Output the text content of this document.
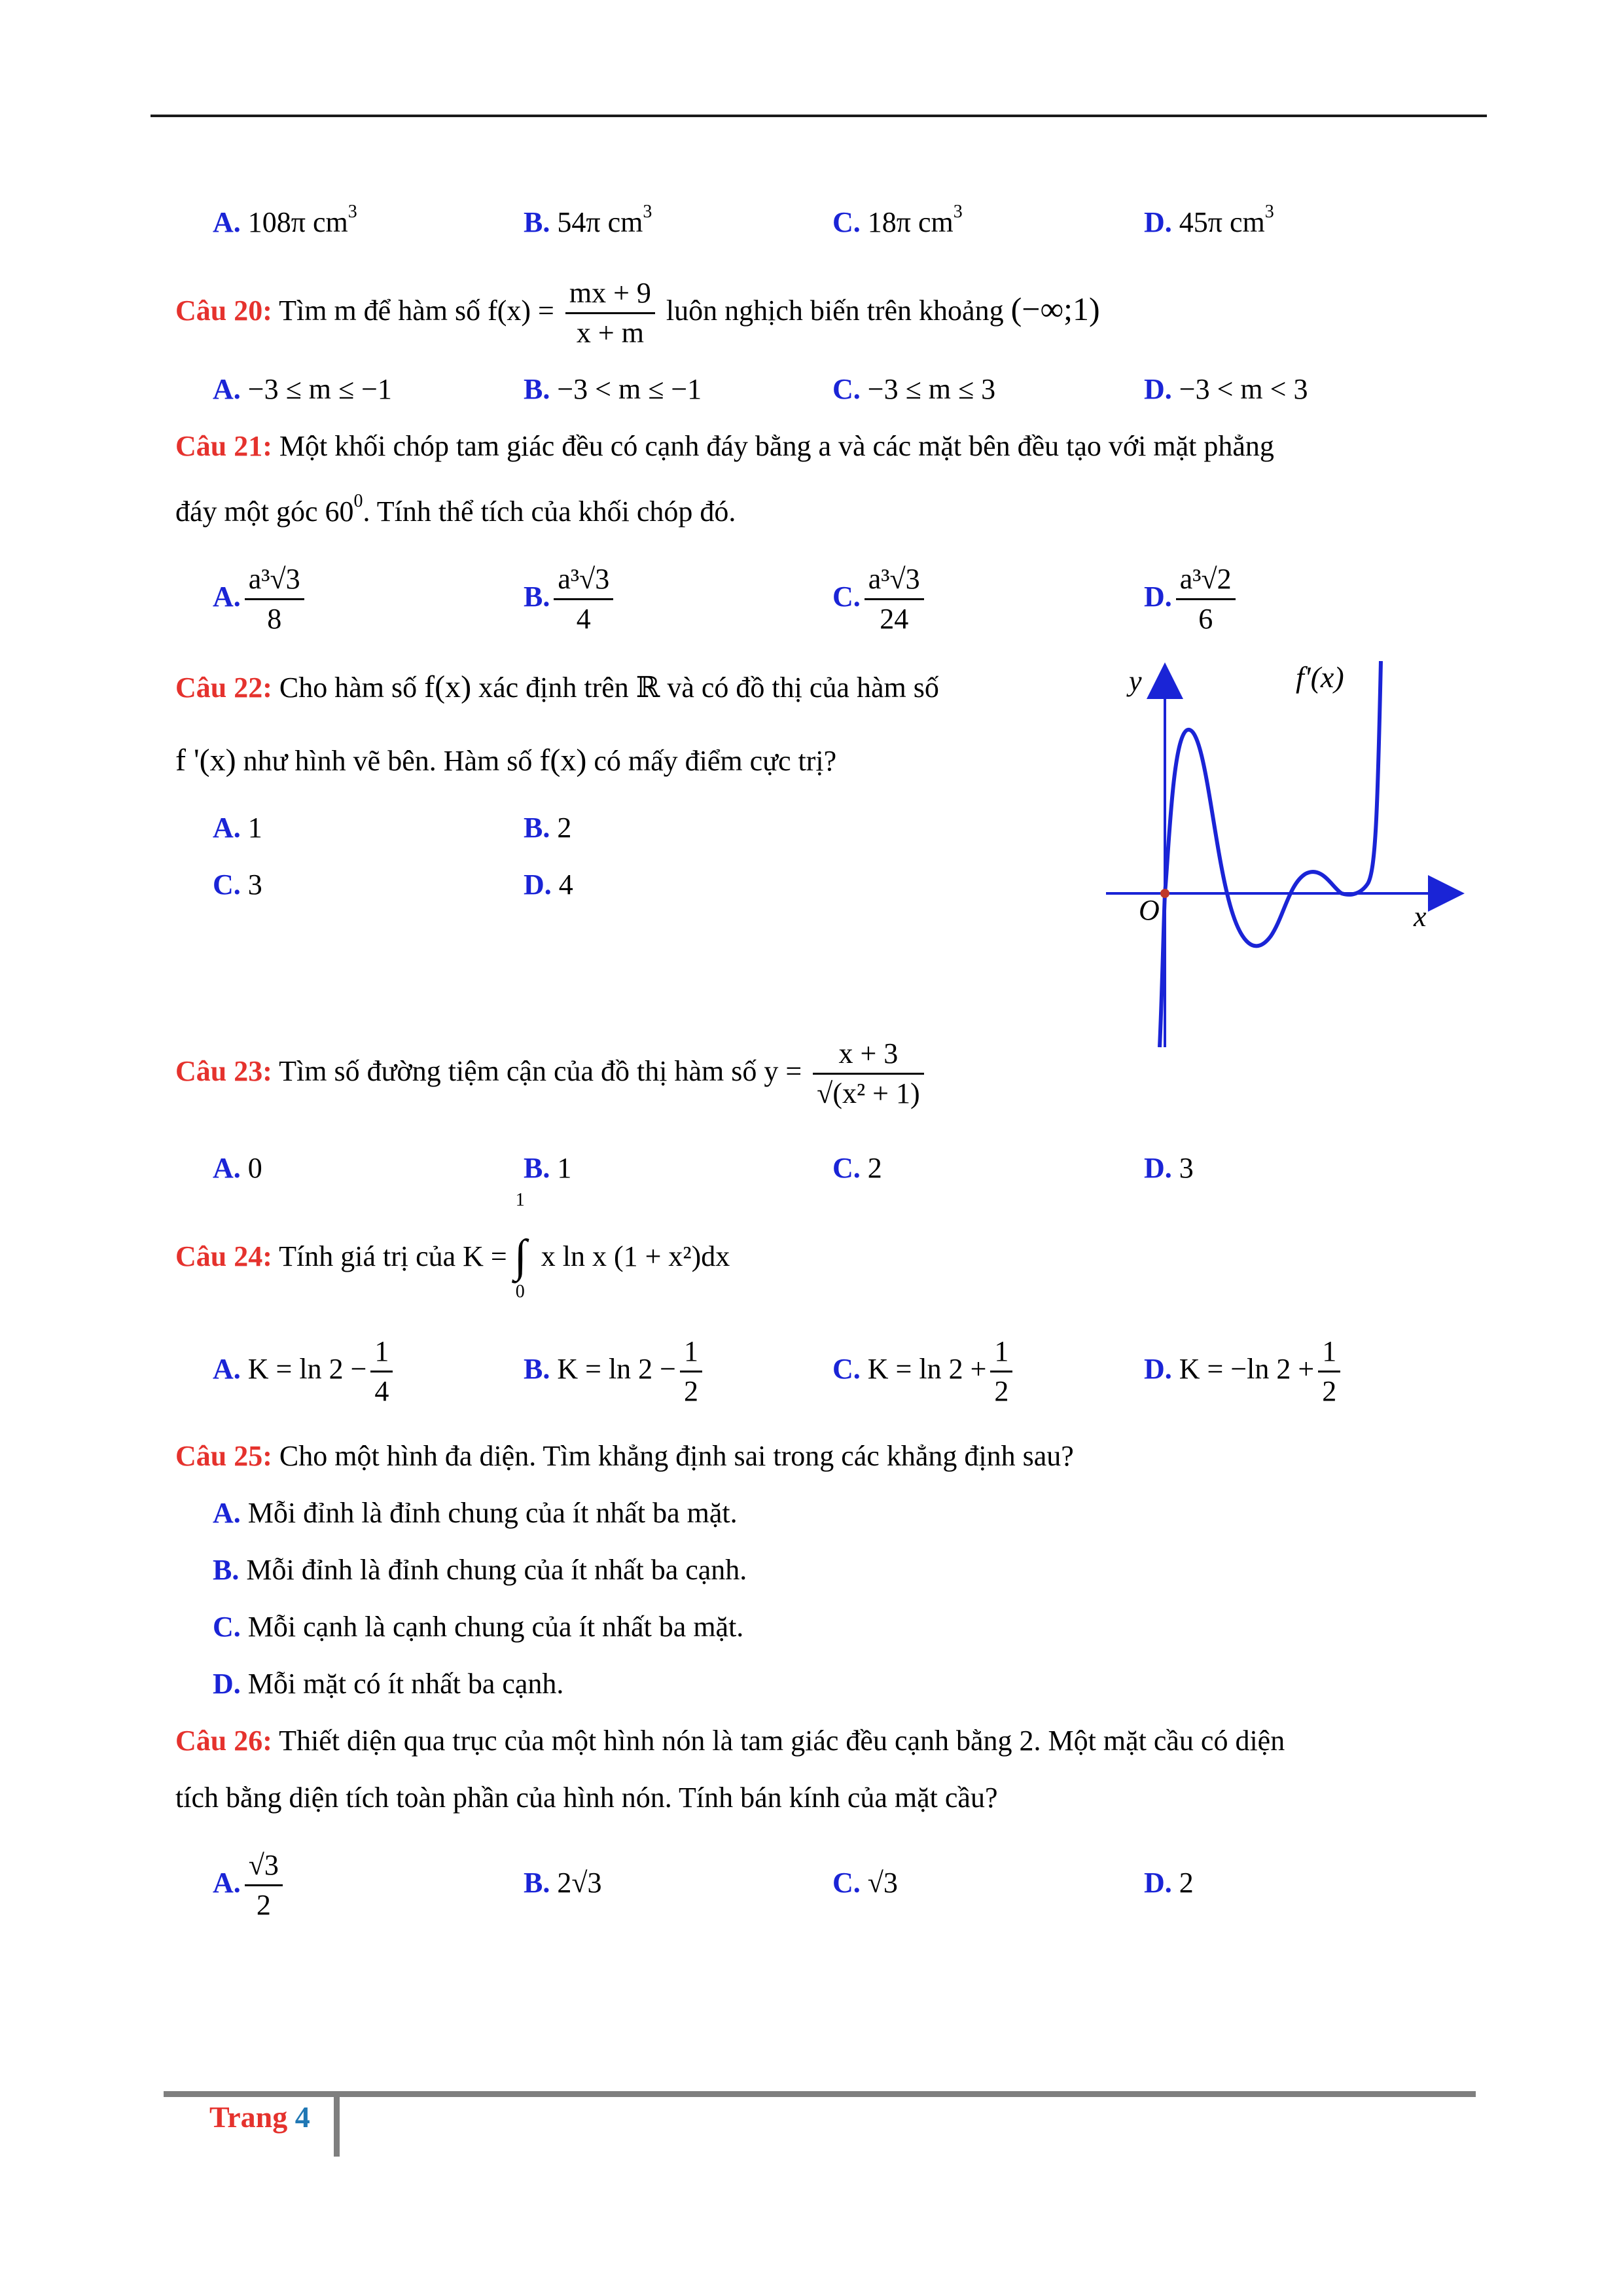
A. 108π $cm^3$	B. 54π $cm^3$	C. 18π $cm^3$	D. 45π $cm^3$
Câu 20: Tìm m để hàm số $f(x) = \frac{mx + 9}{x + m}$ luôn nghịch biến trên khoảng (−∞;1)
A. −3 ≤ m ≤ −1	B. −3 < m ≤ −1	C. −3 ≤ m ≤ 3	D. −3 < m < 3
Câu 21: Một khối chóp tam giác đều có cạnh đáy bằng a và các mặt bên đều tạo với mặt phẳng
đáy một góc $60^0$. Tính thể tích của khối chóp đó.
A. $\frac{\text{a³√3}}{8}$	B. $\frac{\text{a³√3}}{4}$	C. $\frac{\text{a³√3}}{24}$	D. $\frac{\text{a³√2}}{6}$
Câu 22: Cho hàm số f(x) xác định trên ℝ và có đồ thị của hàm số
f '(x) như hình vẽ bên. Hàm số f(x) có mấy điểm cực trị?
A. 1	B. 2
C. 3	D. 4
O
y
x
f'(x)
Câu 23: Tìm số đường tiệm cận của đồ thị hàm số $y = \frac{x + 3}{\text{√(x² + 1)}}$
A. 0	B. 1	C. 2	D. 3
Câu 24: Tính giá trị của K =
1
∫
0
x ln x (1 + x²)dx
A. $K = \ln 2 - \frac{1}{4}$	B. $K = \ln 2 - \frac{1}{2}$	C. $K = \ln 2 + \frac{1}{2}$	D. K = −ln $2 + \frac{1}{2}$
Câu 25: Cho một hình đa diện. Tìm khẳng định sai trong các khẳng định sau?
A. Mỗi đỉnh là đỉnh chung của ít nhất ba mặt.
B. Mỗi đỉnh là đỉnh chung của ít nhất ba cạnh.
C. Mỗi cạnh là cạnh chung của ít nhất ba mặt.
D. Mỗi mặt có ít nhất ba cạnh.
Câu 26: Thiết diện qua trục của một hình nón là tam giác đều cạnh bằng 2. Một mặt cầu có diện
tích bằng diện tích toàn phần của hình nón. Tính bán kính của mặt cầu?
A. $\frac{√3}{2}$	B. 2√3	C. √3	D. 2
Trang 4
